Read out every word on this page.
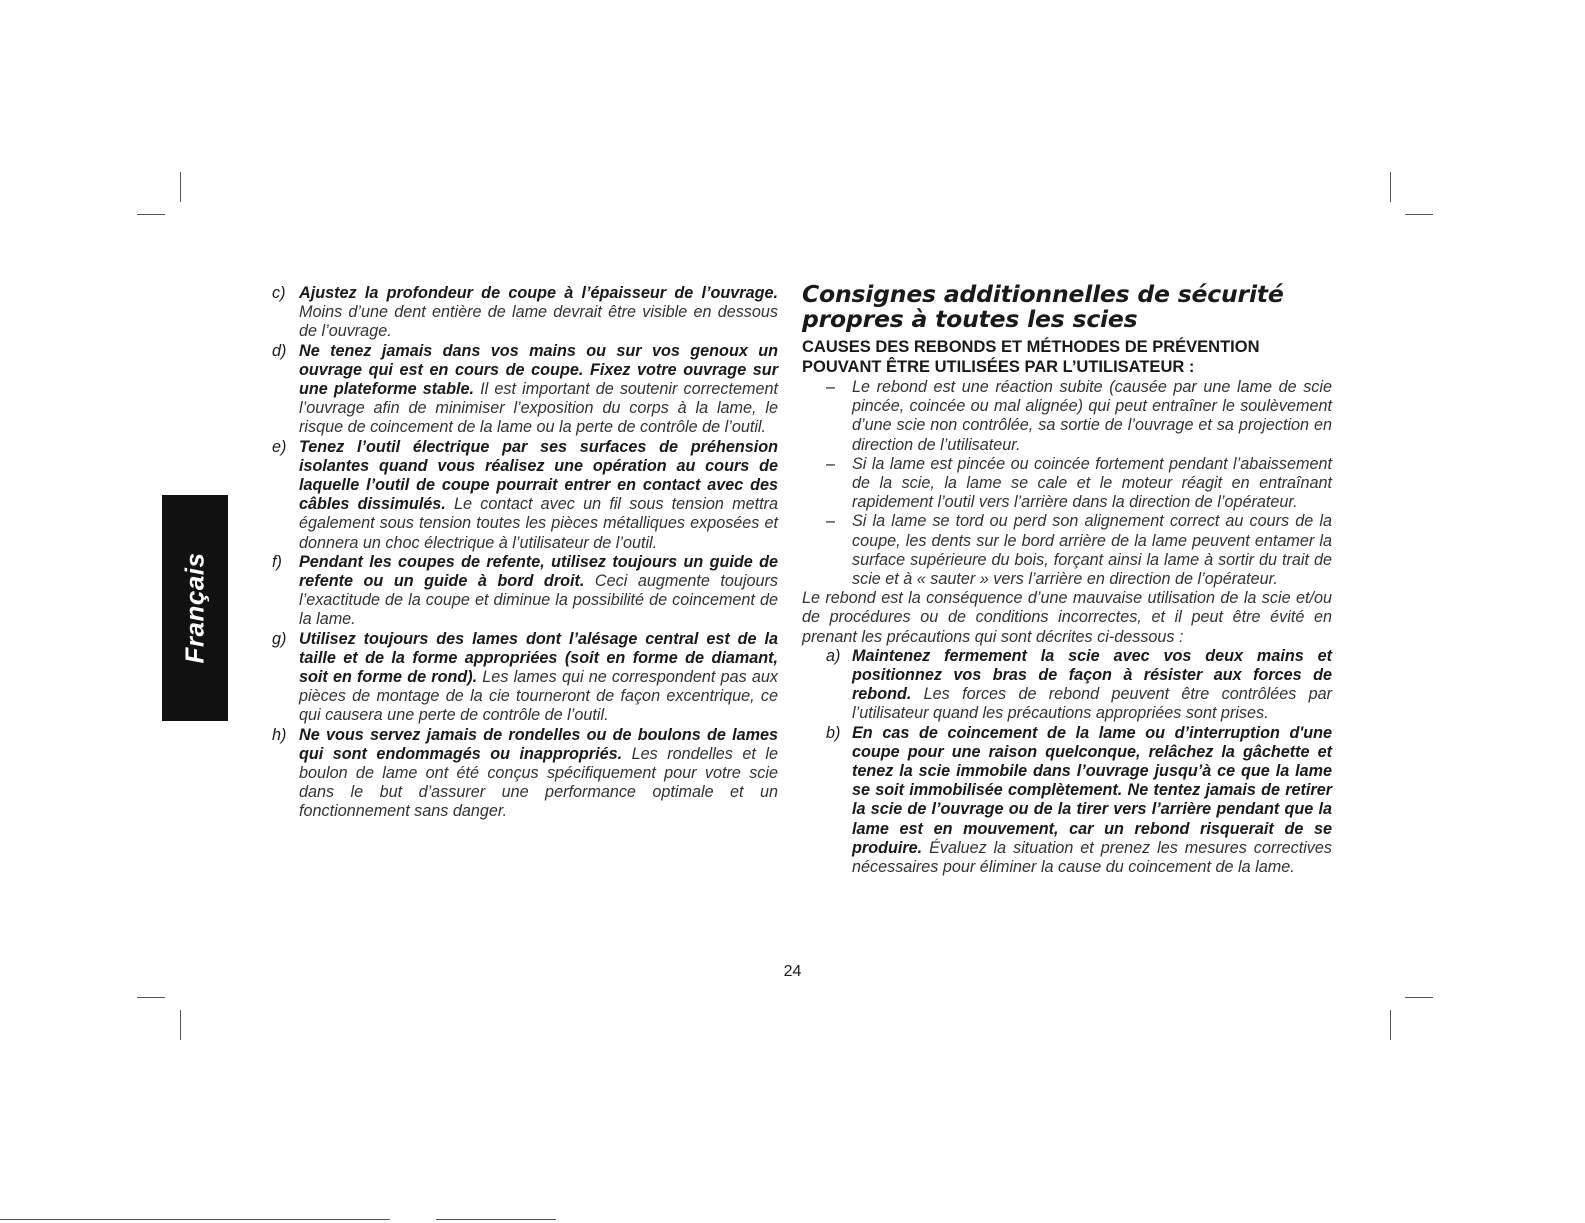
Français
c) Ajustez la profondeur de coupe à l’épaisseur de l’ouvrage. Moins d’une dent entière de lame devrait être visible en dessous de l’ouvrage.
d) Ne tenez jamais dans vos mains ou sur vos genoux un ouvrage qui est en cours de coupe. Fixez votre ouvrage sur une plateforme stable. Il est important de soutenir correctement l’ouvrage afin de minimiser l’exposition du corps à la lame, le risque de coincement de la lame ou la perte de contrôle de l’outil.
e) Tenez l’outil électrique par ses surfaces de préhension isolantes quand vous réalisez une opération au cours de laquelle l’outil de coupe pourrait entrer en contact avec des câbles dissimulés. Le contact avec un fil sous tension mettra également sous tension toutes les pièces métalliques exposées et donnera un choc électrique à l’utilisateur de l’outil.
f)	Pendant les coupes de refente, utilisez toujours un guide de refente ou un guide à bord droit. Ceci augmente toujours l’exactitude de la coupe et diminue la possibilité de coincement de la lame.
g) Utilisez toujours des lames dont l’alésage central est de la taille et de la forme appropriées (soit en forme de diamant, soit en forme de rond). Les lames qui ne correspondent pas aux pièces de montage de la cie tourneront de façon excentrique, ce qui causera une perte de contrôle de l’outil.
h) Ne vous servez jamais de rondelles ou de boulons de lames qui sont endommagés ou inappropriés. Les rondelles et le boulon de lame ont été conçus spécifiquement pour votre scie dans le but d’assurer une performance optimale et un fonctionnement sans danger.
Consignes additionnelles de sécurité propres à toutes les scies
CAUSES DES REBONDS ET MÉTHODES DE PRÉVENTION POUVANT ÊTRE UTILISÉES PAR L’UTILISATEUR :
–	Le rebond est une réaction subite (causée par une lame de scie pincée, coincée ou mal alignée) qui peut entraîner le soulèvement d’une scie non contrôlée, sa sortie de l’ouvrage et sa projection en direction de l’utilisateur.
–	Si la lame est pincée ou coincée fortement pendant l’abaissement de la scie, la lame se cale et le moteur réagit en entraînant rapidement l’outil vers l’arrière dans la direction de l’opérateur.
–	Si la lame se tord ou perd son alignement correct au cours de la coupe, les dents sur le bord arrière de la lame peuvent entamer la surface supérieure du bois, forçant ainsi la lame à sortir du trait de scie et à « sauter » vers l’arrière en direction de l’opérateur.
Le rebond est la conséquence d’une mauvaise utilisation de la scie et/ou de procédures ou de conditions incorrectes, et il peut être évité en prenant les précautions qui sont décrites ci-dessous :
a) Maintenez fermement la scie avec vos deux mains et positionnez vos bras de façon à résister aux forces de rebond. Les forces de rebond peuvent être contrôlées par l’utilisateur quand les précautions appropriées sont prises.
b) En cas de coincement de la lame ou d’interruption d'une coupe pour une raison quelconque, relâchez la gâchette et tenez la scie immobile dans l’ouvrage jusqu’à ce que la lame se soit immobilisée complètement. Ne tentez jamais de retirer la scie de l’ouvrage ou de la tirer vers l’arrière pendant que la lame est en mouvement, car un rebond risquerait de se produire. Évaluez la situation et prenez les mesures correctives nécessaires pour éliminer la cause du coincement de la lame.
24
